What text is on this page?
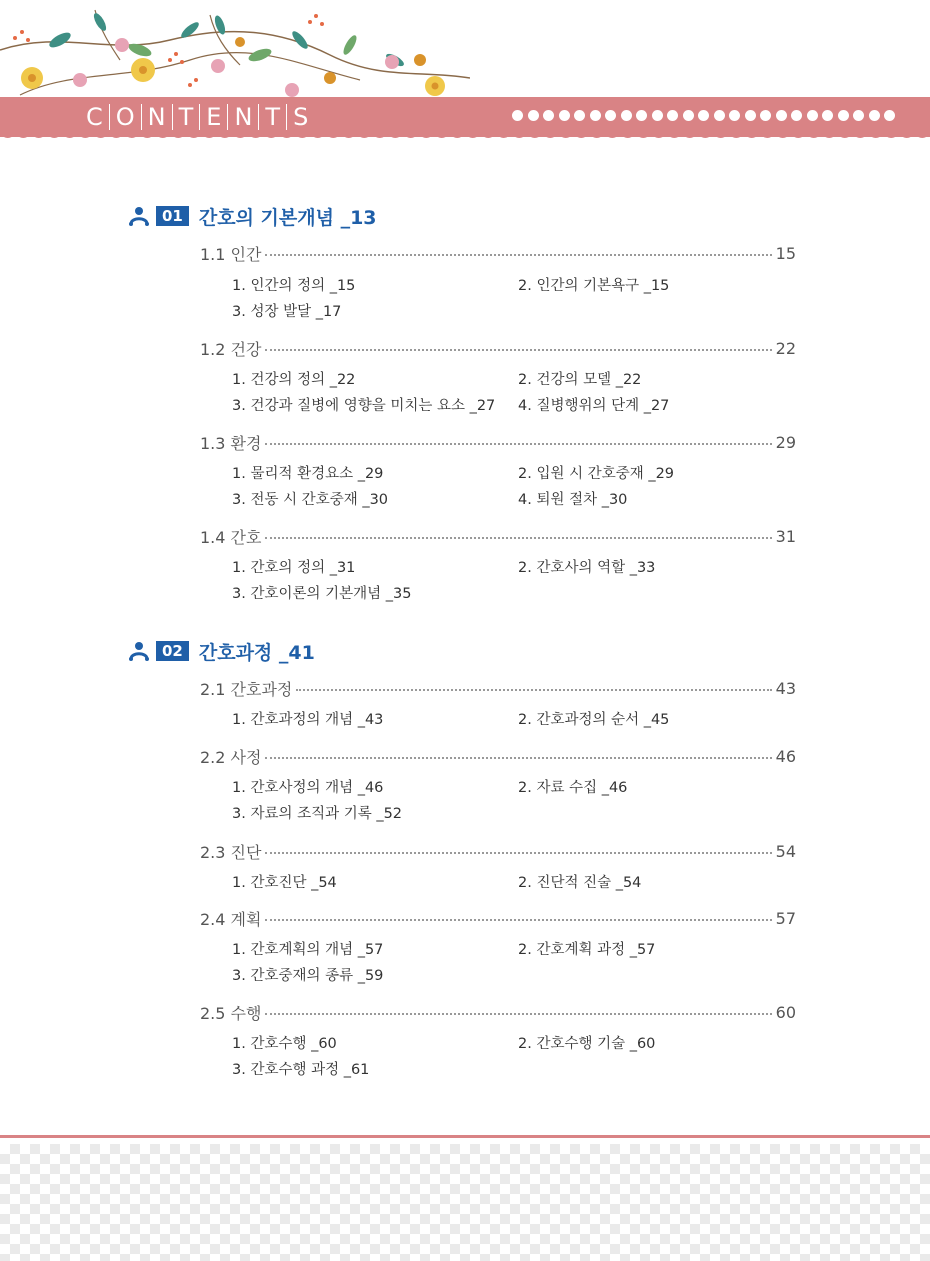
C O N T E N T S
01 간호의 기본개념 _13
1.1 인간	15
1. 인간의 정의 _15	2. 인간의 기본욕구 _15
3. 성장 발달 _17
1.2 건강	22
1. 건강의 정의 _22	2. 건강의 모델 _22
3. 건강과 질병에 영향을 미치는 요소 _27 4. 질병행위의 단계 _27
1.3 환경	29
1. 물리적 환경요소 _29	2. 입원 시 간호중재 _29
3. 전동 시 간호중재 _30	4. 퇴원 절차 _30
1.4 간호	31
1. 간호의 정의 _31	2. 간호사의 역할 _33
3. 간호이론의 기본개념 _35
02 간호과정 _41
2.1 간호과정	43
1. 간호과정의 개념 _43	2. 간호과정의 순서 _45
2.2 사정	46
1. 간호사정의 개념 _46	2. 자료 수집 _46
3. 자료의 조직과 기록 _52
2.3 진단	54
1. 간호진단 _54	2. 진단적 진술 _54
2.4 계획	57
1. 간호계획의 개념 _57	2. 간호계획 과정 _57
3. 간호중재의 종류 _59
2.5 수행	60
1. 간호수행 _60	2. 간호수행 기술 _60
3. 간호수행 과정 _61
